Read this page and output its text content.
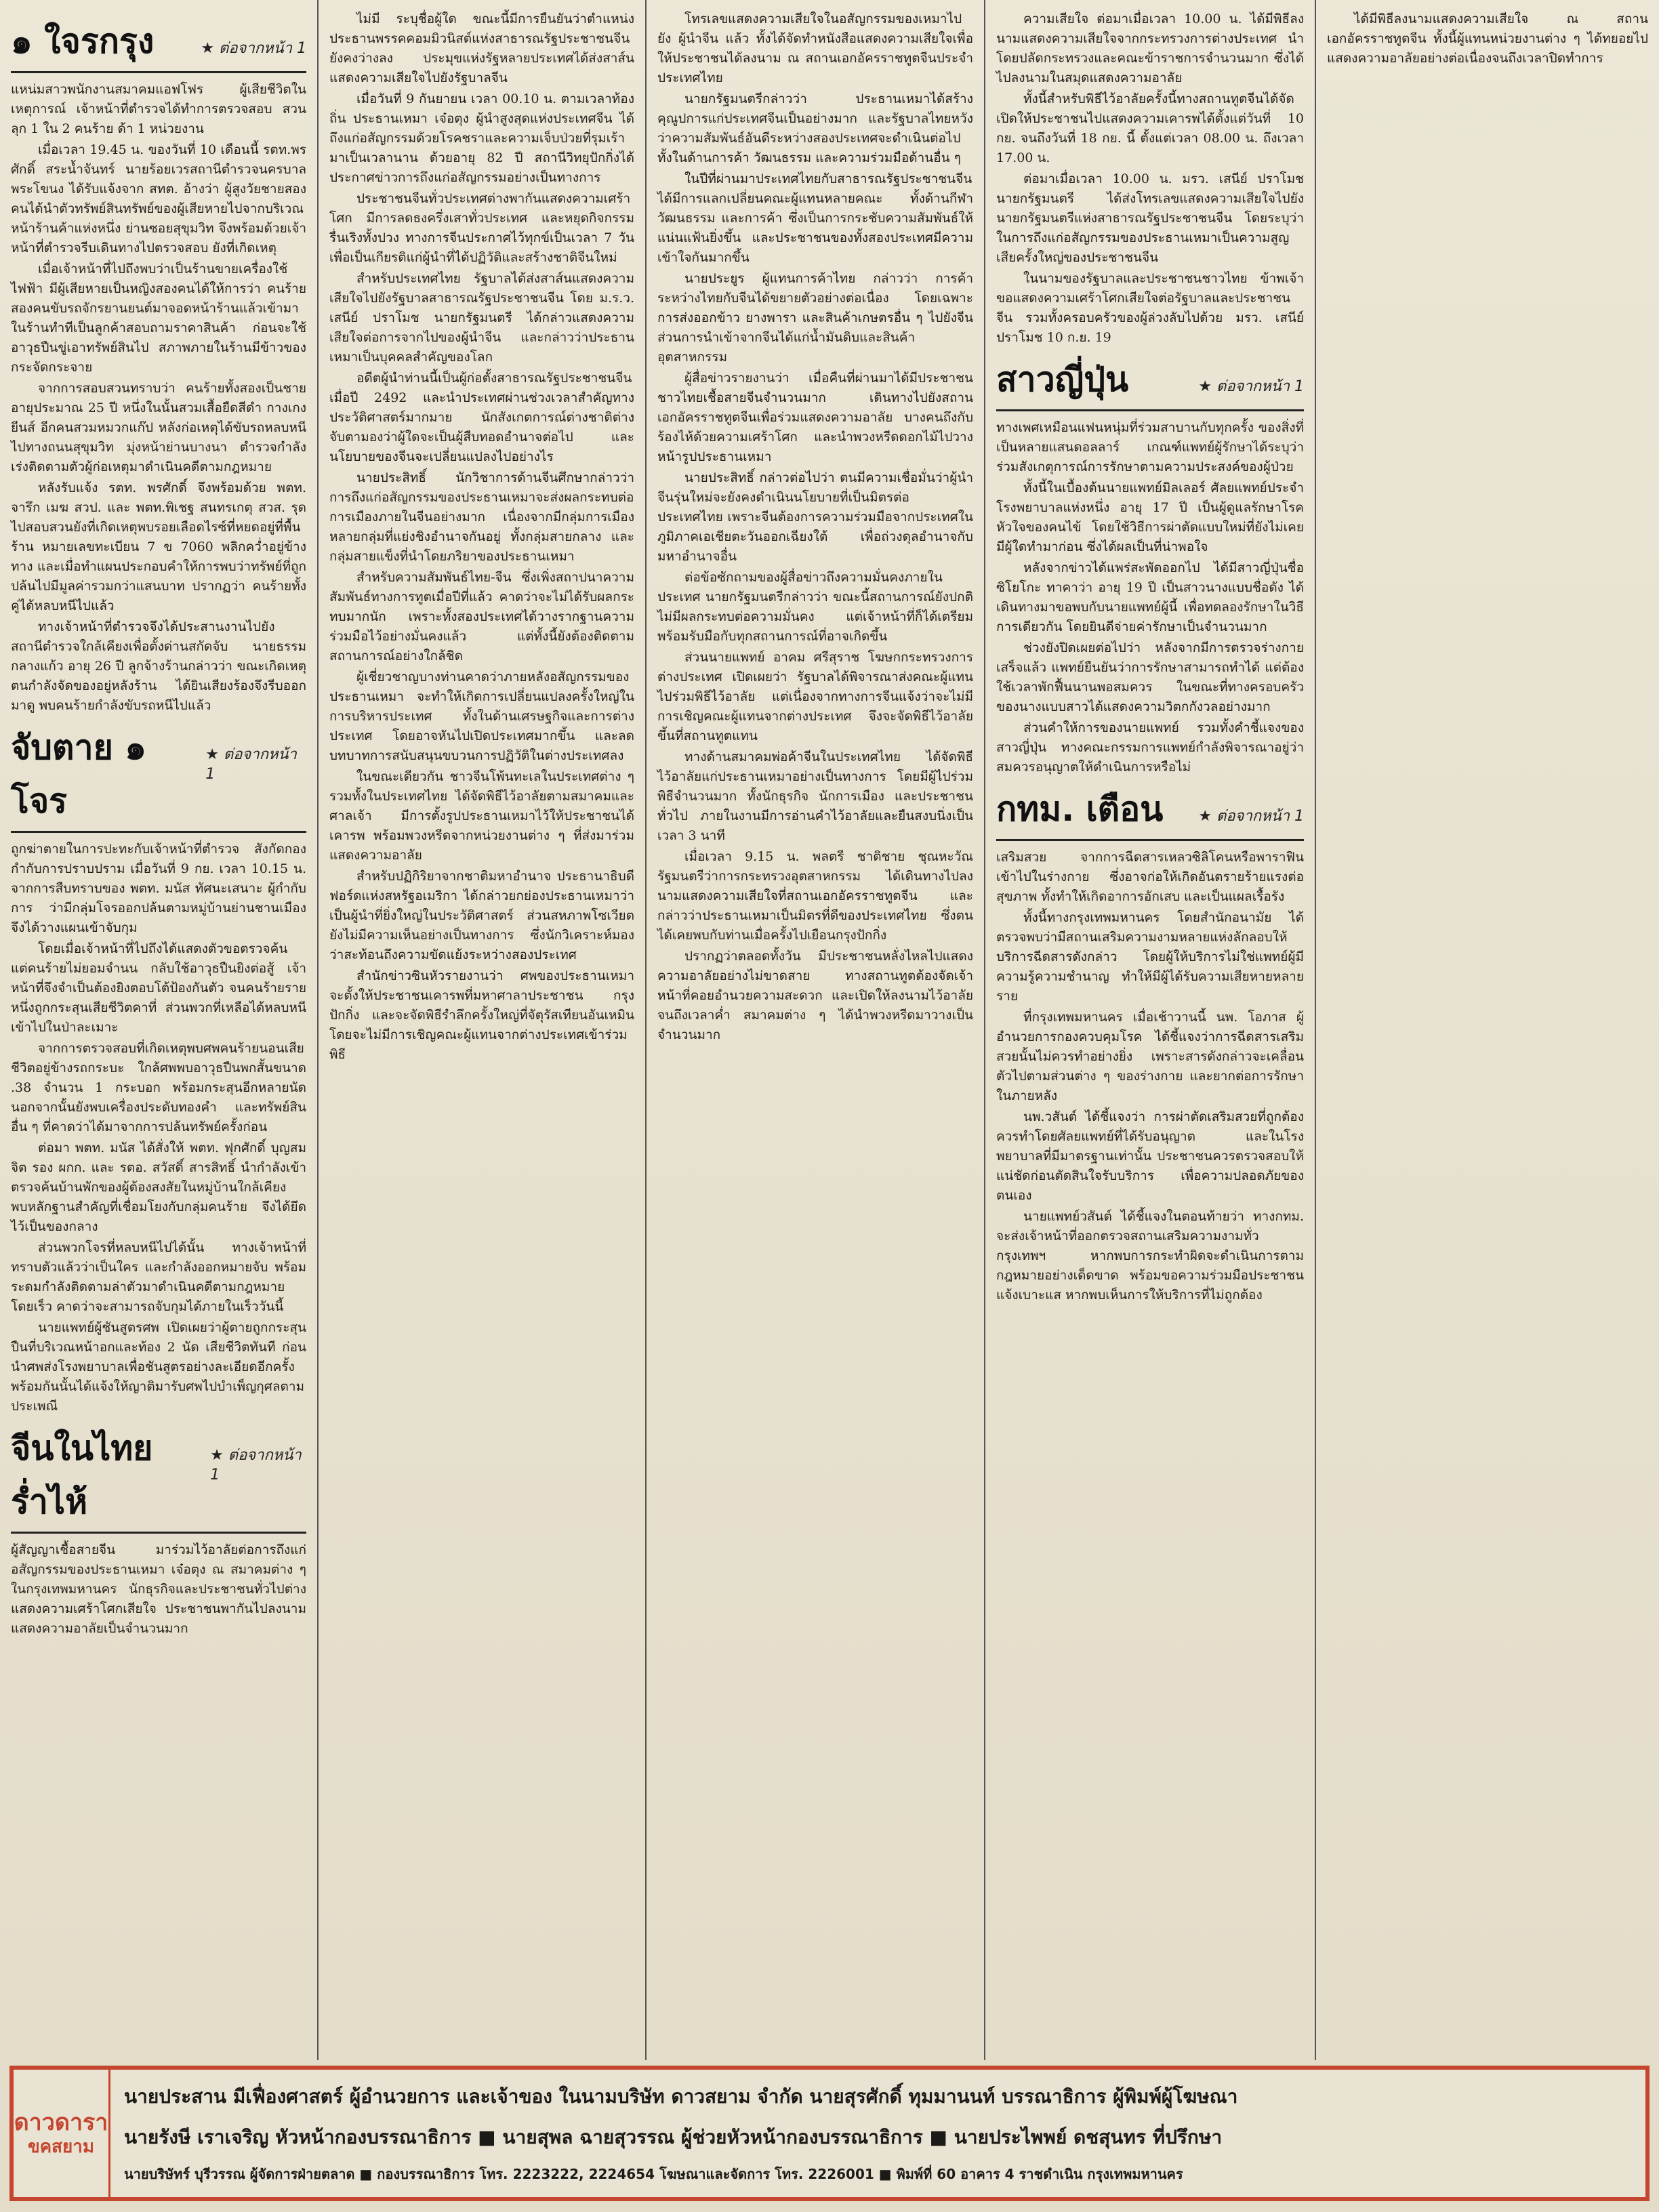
๑ ใจรกรุง	★ ต่อจากหน้า 1

แหน่มสาวพนักงานสมาคมแอฟโฟร ผู้เสียชีวิตในเหตุการณ์ เจ้าหน้าที่ตำรวจได้ทำการตรวจสอบ สวนลุก 1 ใน 2 คนร้าย ด้า 1 หน่วยงาน

เมื่อเวลา 19.45 น. ของวันที่ 10 เดือนนี้ รตท.พรศักดิ์ สระน้ำจันทร์ นายร้อยเวรสถานีตำรวจนครบาลพระโขนง ได้รับแจ้งจาก สทต. อ้างว่า ผู้สูงวัยชายสองคนได้นำตัวทรัพย์สินทรัพย์ของผู้เสียหายไปจากบริเวณหน้าร้านค้าแห่งหนึ่ง ย่านซอยสุขุมวิท จึงพร้อมด้วยเจ้าหน้าที่ตำรวจรีบเดินทางไปตรวจสอบ ยังที่เกิดเหตุ

เมื่อเจ้าหน้าที่ไปถึงพบว่าเป็นร้านขายเครื่องใช้ไฟฟ้า มีผู้เสียหายเป็นหญิงสองคนได้ให้การว่า คนร้ายสองคนขับรถจักรยานยนต์มาจอดหน้าร้านแล้วเข้ามาในร้านทำทีเป็นลูกค้าสอบถามราคาสินค้า ก่อนจะใช้อาวุธปืนขู่เอาทรัพย์สินไป สภาพภายในร้านมีข้าวของกระจัดกระจาย

จากการสอบสวนทราบว่า คนร้ายทั้งสองเป็นชายอายุประมาณ 25 ปี หนึ่งในนั้นสวมเสื้อยืดสีดำ กางเกงยีนส์ อีกคนสวมหมวกแก๊ป หลังก่อเหตุได้ขับรถหลบหนีไปทางถนนสุขุมวิท มุ่งหน้าย่านบางนา ตำรวจกำลังเร่งติดตามตัวผู้ก่อเหตุมาดำเนินคดีตามกฎหมาย

หลังรับแจ้ง รตท. พรศักดิ์ จึงพร้อมด้วย พตท. จารึก เมฆ สวป. และ พตท.พิเชฐ สนทรเกตุ สวส. รุดไปสอบสวนยังที่เกิดเหตุพบรอยเลือดไรซ์ที่หยดอยู่ที่พื้นร้าน หมายเลขทะเบียน 7 ข 7060 พลิกคว่ำอยู่ข้างทาง และเมื่อทำแผนประกอบคำให้การพบว่าทรัพย์ที่ถูกปล้นไปมีมูลค่ารวมกว่าแสนบาท ปรากฏว่า คนร้ายทั้งคู่ได้หลบหนีไปแล้ว

ทางเจ้าหน้าที่ตำรวจจึงได้ประสานงานไปยังสถานีตำรวจใกล้เคียงเพื่อตั้งด่านสกัดจับ นายธรรม กลางแก้ว อายุ 26 ปี ลูกจ้างร้านกล่าวว่า ขณะเกิดเหตุตนกำลังจัดของอยู่หลังร้าน ได้ยินเสียงร้องจึงรีบออกมาดู พบคนร้ายกำลังขับรถหนีไปแล้ว

จับตาย ๑ โจร
★ ต่อจากหน้า 1

ถูกฆ่าตายในการปะทะกับเจ้าหน้าที่ตำรวจ สังกัดกองกำกับการปราบปราม เมื่อวันที่ 9 กย. เวลา 10.15 น. จากการสืบทราบของ พตท. มนัส ทัศนะเสนาะ ผู้กำกับการ ว่ามีกลุ่มโจรออกปล้นตามหมู่บ้านย่านชานเมือง จึงได้วางแผนเข้าจับกุม

โดยเมื่อเจ้าหน้าที่ไปถึงได้แสดงตัวขอตรวจค้น แต่คนร้ายไม่ยอมจำนน กลับใช้อาวุธปืนยิงต่อสู้ เจ้าหน้าที่จึงจำเป็นต้องยิงตอบโต้ป้องกันตัว จนคนร้ายรายหนึ่งถูกกระสุนเสียชีวิตคาที่ ส่วนพวกที่เหลือได้หลบหนีเข้าไปในป่าละเมาะ

จากการตรวจสอบที่เกิดเหตุพบศพคนร้ายนอนเสียชีวิตอยู่ข้างรถกระบะ ใกล้ศพพบอาวุธปืนพกสั้นขนาด .38 จำนวน 1 กระบอก พร้อมกระสุนอีกหลายนัด นอกจากนั้นยังพบเครื่องประดับทองคำ และทรัพย์สินอื่น ๆ ที่คาดว่าได้มาจากการปล้นทรัพย์ครั้งก่อน

ต่อมา พตท. มนัส ได้สั่งให้ พตท. ฟุกศักดิ์ บุญสมจิต รอง ผกก. และ รตอ. สวัสดิ์ สารสิทธิ์ นำกำลังเข้าตรวจค้นบ้านพักของผู้ต้องสงสัยในหมู่บ้านใกล้เคียง พบหลักฐานสำคัญที่เชื่อมโยงกับกลุ่มคนร้าย จึงได้ยึดไว้เป็นของกลาง

ส่วนพวกโจรที่หลบหนีไปได้นั้น ทางเจ้าหน้าที่ทราบตัวแล้วว่าเป็นใคร และกำลังออกหมายจับ พร้อมระดมกำลังติดตามล่าตัวมาดำเนินคดีตามกฎหมายโดยเร็ว คาดว่าจะสามารถจับกุมได้ภายในเร็ววันนี้

นายแพทย์ผู้ชันสูตรศพ เปิดเผยว่าผู้ตายถูกกระสุนปืนที่บริเวณหน้าอกและท้อง 2 นัด เสียชีวิตทันที ก่อนนำศพส่งโรงพยาบาลเพื่อชันสูตรอย่างละเอียดอีกครั้ง พร้อมกันนั้นได้แจ้งให้ญาติมารับศพไปบำเพ็ญกุศลตามประเพณี

จีนในไทยร่ำไห้
★ ต่อจากหน้า 1

ผู้สัญญาเชื้อสายจีน มาร่วมไว้อาลัยต่อการถึงแก่อสัญกรรมของประธานเหมา เจ๋อตุง ณ สมาคมต่าง ๆ ในกรุงเทพมหานคร นักธุรกิจและประชาชนทั่วไปต่างแสดงความเศร้าโศกเสียใจ ประชาชนพากันไปลงนามแสดงความอาลัยเป็นจำนวนมาก

ไม่มี ระบุชื่อผู้ใด ขณะนี้มีการยืนยันว่าตำแหน่งประธานพรรคคอมมิวนิสต์แห่งสาธารณรัฐประชาชนจีนยังคงว่างลง ประมุขแห่งรัฐหลายประเทศได้ส่งสาส์นแสดงความเสียใจไปยังรัฐบาลจีน

เมื่อวันที่ 9 กันยายน เวลา 00.10 น. ตามเวลาท้องถิ่น ประธานเหมา เจ๋อตุง ผู้นำสูงสุดแห่งประเทศจีน ได้ถึงแก่อสัญกรรมด้วยโรคชราและความเจ็บป่วยที่รุมเร้ามาเป็นเวลานาน ด้วยอายุ 82 ปี สถานีวิทยุปักกิ่งได้ประกาศข่าวการถึงแก่อสัญกรรมอย่างเป็นทางการ

ประชาชนจีนทั่วประเทศต่างพากันแสดงความเศร้าโศก มีการลดธงครึ่งเสาทั่วประเทศ และหยุดกิจกรรมรื่นเริงทั้งปวง ทางการจีนประกาศไว้ทุกข์เป็นเวลา 7 วัน เพื่อเป็นเกียรติแก่ผู้นำที่ได้ปฏิวัติและสร้างชาติจีนใหม่

สำหรับประเทศไทย รัฐบาลได้ส่งสาส์นแสดงความเสียใจไปยังรัฐบาลสาธารณรัฐประชาชนจีน โดย ม.ร.ว. เสนีย์ ปราโมช นายกรัฐมนตรี ได้กล่าวแสดงความเสียใจต่อการจากไปของผู้นำจีน และกล่าวว่าประธานเหมาเป็นบุคคลสำคัญของโลก

อดีตผู้นำท่านนี้เป็นผู้ก่อตั้งสาธารณรัฐประชาชนจีนเมื่อปี 2492 และนำประเทศผ่านช่วงเวลาสำคัญทางประวัติศาสตร์มากมาย นักสังเกตการณ์ต่างชาติต่างจับตามองว่าผู้ใดจะเป็นผู้สืบทอดอำนาจต่อไป และนโยบายของจีนจะเปลี่ยนแปลงไปอย่างไร

นายประสิทธิ์ นักวิชาการด้านจีนศึกษากล่าวว่า การถึงแก่อสัญกรรมของประธานเหมาจะส่งผลกระทบต่อการเมืองภายในจีนอย่างมาก เนื่องจากมีกลุ่มการเมืองหลายกลุ่มที่แย่งชิงอำนาจกันอยู่ ทั้งกลุ่มสายกลาง และกลุ่มสายแข็งที่นำโดยภริยาของประธานเหมา

สำหรับความสัมพันธ์ไทย-จีน ซึ่งเพิ่งสถาปนาความสัมพันธ์ทางการทูตเมื่อปีที่แล้ว คาดว่าจะไม่ได้รับผลกระทบมากนัก เพราะทั้งสองประเทศได้วางรากฐานความร่วมมือไว้อย่างมั่นคงแล้ว แต่ทั้งนี้ยังต้องติดตามสถานการณ์อย่างใกล้ชิด

ผู้เชี่ยวชาญบางท่านคาดว่าภายหลังอสัญกรรมของประธานเหมา จะทำให้เกิดการเปลี่ยนแปลงครั้งใหญ่ในการบริหารประเทศ ทั้งในด้านเศรษฐกิจและการต่างประเทศ โดยอาจหันไปเปิดประเทศมากขึ้น และลดบทบาทการสนับสนุนขบวนการปฏิวัติในต่างประเทศลง

ในขณะเดียวกัน ชาวจีนโพ้นทะเลในประเทศต่าง ๆ รวมทั้งในประเทศไทย ได้จัดพิธีไว้อาลัยตามสมาคมและศาลเจ้า มีการตั้งรูปประธานเหมาไว้ให้ประชาชนได้เคารพ พร้อมพวงหรีดจากหน่วยงานต่าง ๆ ที่ส่งมาร่วมแสดงความอาลัย

สำหรับปฏิกิริยาจากชาติมหาอำนาจ ประธานาธิบดีฟอร์ดแห่งสหรัฐอเมริกา ได้กล่าวยกย่องประธานเหมาว่าเป็นผู้นำที่ยิ่งใหญ่ในประวัติศาสตร์ ส่วนสหภาพโซเวียตยังไม่มีความเห็นอย่างเป็นทางการ ซึ่งนักวิเคราะห์มองว่าสะท้อนถึงความขัดแย้งระหว่างสองประเทศ

สำนักข่าวซินหัวรายงานว่า ศพของประธานเหมาจะตั้งให้ประชาชนเคารพที่มหาศาลาประชาชน กรุงปักกิ่ง และจะจัดพิธีรำลึกครั้งใหญ่ที่จัตุรัสเทียนอันเหมิน โดยจะไม่มีการเชิญคณะผู้แทนจากต่างประเทศเข้าร่วมพิธี

โทรเลขแสดงความเสียใจในอสัญกรรมของเหมาไปยัง ผู้นำจีน แล้ว ทั้งได้จัดทำหนังสือแสดงความเสียใจเพื่อให้ประชาชนได้ลงนาม ณ สถานเอกอัครราชทูตจีนประจำประเทศไทย

นายกรัฐมนตรีกล่าวว่า ประธานเหมาได้สร้างคุณูปการแก่ประเทศจีนเป็นอย่างมาก และรัฐบาลไทยหวังว่าความสัมพันธ์อันดีระหว่างสองประเทศจะดำเนินต่อไป ทั้งในด้านการค้า วัฒนธรรม และความร่วมมือด้านอื่น ๆ

ในปีที่ผ่านมาประเทศไทยกับสาธารณรัฐประชาชนจีนได้มีการแลกเปลี่ยนคณะผู้แทนหลายคณะ ทั้งด้านกีฬา วัฒนธรรม และการค้า ซึ่งเป็นการกระชับความสัมพันธ์ให้แน่นแฟ้นยิ่งขึ้น และประชาชนของทั้งสองประเทศมีความเข้าใจกันมากขึ้น

นายประยูร ผู้แทนการค้าไทย กล่าวว่า การค้าระหว่างไทยกับจีนได้ขยายตัวอย่างต่อเนื่อง โดยเฉพาะการส่งออกข้าว ยางพารา และสินค้าเกษตรอื่น ๆ ไปยังจีน ส่วนการนำเข้าจากจีนได้แก่น้ำมันดิบและสินค้าอุตสาหกรรม

ผู้สื่อข่าวรายงานว่า เมื่อคืนที่ผ่านมาได้มีประชาชนชาวไทยเชื้อสายจีนจำนวนมาก เดินทางไปยังสถานเอกอัครราชทูตจีนเพื่อร่วมแสดงความอาลัย บางคนถึงกับร้องไห้ด้วยความเศร้าโศก และนำพวงหรีดดอกไม้ไปวางหน้ารูปประธานเหมา

นายประสิทธิ์ กล่าวต่อไปว่า ตนมีความเชื่อมั่นว่าผู้นำจีนรุ่นใหม่จะยังคงดำเนินนโยบายที่เป็นมิตรต่อประเทศไทย เพราะจีนต้องการความร่วมมือจากประเทศในภูมิภาคเอเชียตะวันออกเฉียงใต้ เพื่อถ่วงดุลอำนาจกับมหาอำนาจอื่น

ต่อข้อซักถามของผู้สื่อข่าวถึงความมั่นคงภายในประเทศ นายกรัฐมนตรีกล่าวว่า ขณะนี้สถานการณ์ยังปกติ ไม่มีผลกระทบต่อความมั่นคง แต่เจ้าหน้าที่ก็ได้เตรียมพร้อมรับมือกับทุกสถานการณ์ที่อาจเกิดขึ้น

ส่วนนายแพทย์ อาคม ศรีสุราช โฆษกกระทรวงการต่างประเทศ เปิดเผยว่า รัฐบาลได้พิจารณาส่งคณะผู้แทนไปร่วมพิธีไว้อาลัย แต่เนื่องจากทางการจีนแจ้งว่าจะไม่มีการเชิญคณะผู้แทนจากต่างประเทศ จึงจะจัดพิธีไว้อาลัยขึ้นที่สถานทูตแทน

ทางด้านสมาคมพ่อค้าจีนในประเทศไทย ได้จัดพิธีไว้อาลัยแก่ประธานเหมาอย่างเป็นทางการ โดยมีผู้ไปร่วมพิธีจำนวนมาก ทั้งนักธุรกิจ นักการเมือง และประชาชนทั่วไป ภายในงานมีการอ่านคำไว้อาลัยและยืนสงบนิ่งเป็นเวลา 3 นาที

เมื่อเวลา 9.15 น. พลตรี ชาติชาย ชุณหะวัณ รัฐมนตรีว่าการกระทรวงอุตสาหกรรม ได้เดินทางไปลงนามแสดงความเสียใจที่สถานเอกอัครราชทูตจีน และกล่าวว่าประธานเหมาเป็นมิตรที่ดีของประเทศไทย ซึ่งตนได้เคยพบกับท่านเมื่อครั้งไปเยือนกรุงปักกิ่ง

ปรากฏว่าตลอดทั้งวัน มีประชาชนหลั่งไหลไปแสดงความอาลัยอย่างไม่ขาดสาย ทางสถานทูตต้องจัดเจ้าหน้าที่คอยอำนวยความสะดวก และเปิดให้ลงนามไว้อาลัยจนถึงเวลาค่ำ สมาคมต่าง ๆ ได้นำพวงหรีดมาวางเป็นจำนวนมาก

ความเสียใจ ต่อมาเมื่อเวลา 10.00 น. ได้มีพิธีลงนามแสดงความเสียใจจากกระทรวงการต่างประเทศ นำโดยปลัดกระทรวงและคณะข้าราชการจำนวนมาก ซึ่งได้ไปลงนามในสมุดแสดงความอาลัย

ทั้งนี้สำหรับพิธีไว้อาลัยครั้งนี้ทางสถานทูตจีนได้จัดเปิดให้ประชาชนไปแสดงความเคารพได้ตั้งแต่วันที่ 10 กย. จนถึงวันที่ 18 กย. นี้ ตั้งแต่เวลา 08.00 น. ถึงเวลา 17.00 น.

ต่อมาเมื่อเวลา 10.00 น. มรว. เสนีย์ ปราโมช นายกรัฐมนตรี ได้ส่งโทรเลขแสดงความเสียใจไปยัง นายกรัฐมนตรีแห่งสาธารณรัฐประชาชนจีน โดยระบุว่าในการถึงแก่อสัญกรรมของประธานเหมาเป็นความสูญเสียครั้งใหญ่ของประชาชนจีน

ในนามของรัฐบาลและประชาชนชาวไทย ข้าพเจ้าขอแสดงความเศร้าโศกเสียใจต่อรัฐบาลและประชาชนจีน รวมทั้งครอบครัวของผู้ล่วงลับไปด้วย มรว. เสนีย์ ปราโมช 10 ก.ย. 19

สาวญี่ปุ่น	★ ต่อจากหน้า 1

ทางเพศเหมือนแฟนหนุ่มที่ร่วมสาบานกับทุกครั้ง ของสิ่งที่เป็นหลายแสนดอลลาร์ เกณฑ์แพทย์ผู้รักษาได้ระบุว่า ร่วมสังเกตุการณ์การรักษาตามความประสงค์ของผู้ป่วย

ทั้งนี้ในเบื้องต้นนายแพทย์มิลเลอร์ ศัลยแพทย์ประจำโรงพยาบาลแห่งหนึ่ง อายุ 17 ปี เป็นผู้ดูแลรักษาโรคหัวใจของคนไข้ โดยใช้วิธีการผ่าตัดแบบใหม่ที่ยังไม่เคยมีผู้ใดทำมาก่อน ซึ่งได้ผลเป็นที่น่าพอใจ

หลังจากข่าวได้แพร่สะพัดออกไป ได้มีสาวญี่ปุ่นชื่อ ซิโยโกะ ทาคาว่า อายุ 19 ปี เป็นสาวนางแบบชื่อดัง ได้เดินทางมาขอพบกับนายแพทย์ผู้นี้ เพื่อทดลองรักษาในวิธีการเดียวกัน โดยยินดีจ่ายค่ารักษาเป็นจำนวนมาก

ช่วงยังปิดเผยต่อไปว่า หลังจากมีการตรวจร่างกายเสร็จแล้ว แพทย์ยืนยันว่าการรักษาสามารถทำได้ แต่ต้องใช้เวลาพักฟื้นนานพอสมควร ในขณะที่ทางครอบครัวของนางแบบสาวได้แสดงความวิตกกังวลอย่างมาก

ส่วนคำให้การของนายแพทย์ รวมทั้งคำชี้แจงของสาวญี่ปุ่น ทางคณะกรรมการแพทย์กำลังพิจารณาอยู่ว่าสมควรอนุญาตให้ดำเนินการหรือไม่

กทม. เตือน	★ ต่อจากหน้า 1

เสริมสวย จากการฉีดสารเหลวซิลิโคนหรือพาราฟินเข้าไปในร่างกาย ซึ่งอาจก่อให้เกิดอันตรายร้ายแรงต่อสุขภาพ ทั้งทำให้เกิดอาการอักเสบ และเป็นแผลเรื้อรัง

ทั้งนี้ทางกรุงเทพมหานคร โดยสำนักอนามัย ได้ตรวจพบว่ามีสถานเสริมความงามหลายแห่งลักลอบให้บริการฉีดสารดังกล่าว โดยผู้ให้บริการไม่ใช่แพทย์ผู้มีความรู้ความชำนาญ ทำให้มีผู้ได้รับความเสียหายหลายราย

ที่กรุงเทพมหานคร เมื่อเช้าวานนี้ นพ. โอภาส ผู้อำนวยการกองควบคุมโรค ได้ชี้แจงว่าการฉีดสารเสริมสวยนั้นไม่ควรทำอย่างยิ่ง เพราะสารดังกล่าวจะเคลื่อนตัวไปตามส่วนต่าง ๆ ของร่างกาย และยากต่อการรักษาในภายหลัง

นพ.วสันต์ ได้ชี้แจงว่า การผ่าตัดเสริมสวยที่ถูกต้องควรทำโดยศัลยแพทย์ที่ได้รับอนุญาต และในโรงพยาบาลที่มีมาตรฐานเท่านั้น ประชาชนควรตรวจสอบให้แน่ชัดก่อนตัดสินใจรับบริการ เพื่อความปลอดภัยของตนเอง

นายแพทย์วสันต์ ได้ชี้แจงในตอนท้ายว่า ทางกทม. จะส่งเจ้าหน้าที่ออกตรวจสถานเสริมความงามทั่วกรุงเทพฯ หากพบการกระทำผิดจะดำเนินการตามกฎหมายอย่างเด็ดขาด พร้อมขอความร่วมมือประชาชนแจ้งเบาะแส หากพบเห็นการให้บริการที่ไม่ถูกต้อง

ได้มีพิธีลงนามแสดงความเสียใจ ณ สถานเอกอัครราชทูตจีน ทั้งนี้ผู้แทนหน่วยงานต่าง ๆ ได้ทยอยไปแสดงความอาลัยอย่างต่อเนื่องจนถึงเวลาปิดทำการ

ดาวดารา
ขคสยาม
นายประสาน มีเฟื่องศาสตร์ ผู้อำนวยการ และเจ้าของ ในนามบริษัท ดาวสยาม จำกัด นายสุรศักดิ์ ทุมมานนท์ บรรณาธิการ ผู้พิมพ์ผู้โฆษณา
นายรังษี เราเจริญ หัวหน้ากองบรรณาธิการ ■ นายสุพล ฉายสุวรรณ ผู้ช่วยหัวหน้ากองบรรณาธิการ ■ นายประไพพย์ ดชสุนทร ที่ปรึกษา
นายบริษัทร์ บุรีวรรณ ผู้จัดการฝ่ายตลาด ■ กองบรรณาธิการ โทร. 2223222, 2224654 โฆษณาและจัดการ โทร. 2226001 ■ พิมพ์ที่ 60 อาคาร 4 ราชดำเนิน กรุงเทพมหานคร
